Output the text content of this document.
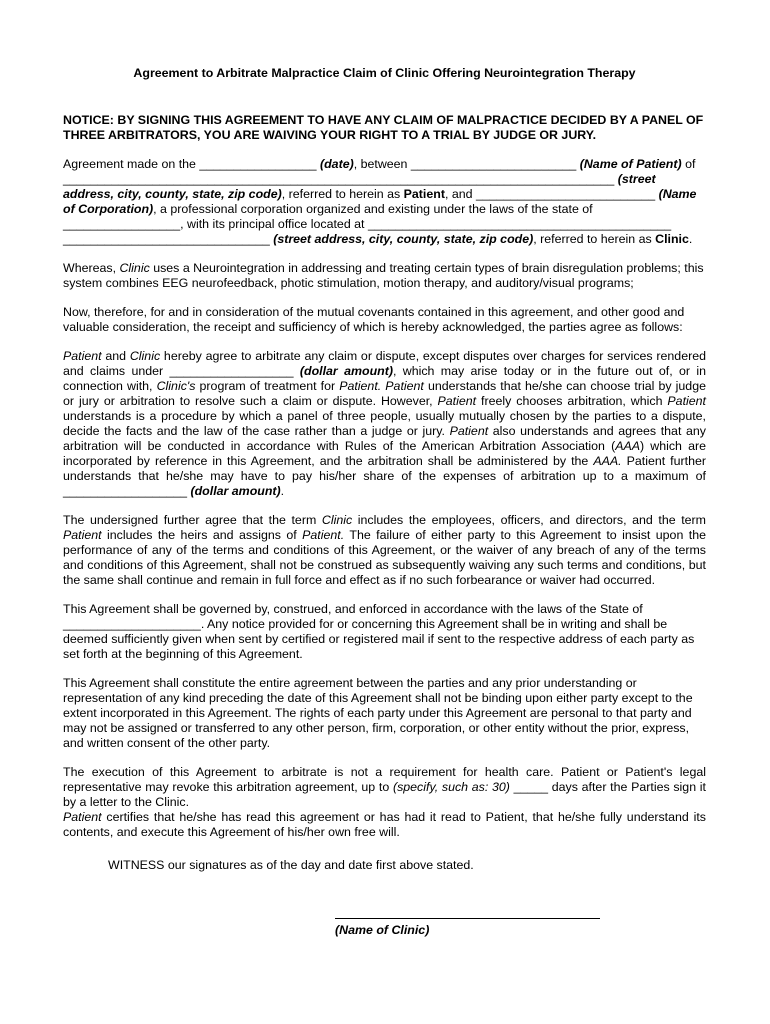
Agreement to Arbitrate Malpractice Claim of Clinic Offering Neurointegration Therapy
NOTICE: BY SIGNING THIS AGREEMENT TO HAVE ANY CLAIM OF MALPRACTICE DECIDED BY A PANEL OF THREE ARBITRATORS, YOU ARE WAIVING YOUR RIGHT TO A TRIAL BY JUDGE OR JURY.

Agreement made on the _________________ (date), between ________________________ (Name of Patient) of ________________________________________________________________________________ (street address, city, county, state, zip code), referred to herein as Patient, and __________________________ (Name of Corporation), a professional corporation organized and existing under the laws of the state of _________________, with its principal office located at ____________________________________________ ______________________________ (street address, city, county, state, zip code), referred to herein as Clinic.

Whereas, Clinic uses a Neurointegration in addressing and treating certain types of brain disregulation problems; this system combines EEG neurofeedback, photic stimulation, motion therapy, and auditory/visual programs;

Now, therefore, for and in consideration of the mutual covenants contained in this agreement, and other good and valuable consideration, the receipt and sufficiency of which is hereby acknowledged, the parties agree as follows:

Patient and Clinic hereby agree to arbitrate any claim or dispute, except disputes over charges for services rendered and claims under __________________ (dollar amount), which may arise today or in the future out of, or in connection with, Clinic's program of treatment for Patient. Patient understands that he/she can choose trial by judge or jury or arbitration to resolve such a claim or dispute. However, Patient freely chooses arbitration, which Patient understands is a procedure by which a panel of three people, usually mutually chosen by the parties to a dispute, decide the facts and the law of the case rather than a judge or jury. Patient also understands and agrees that any arbitration will be conducted in accordance with Rules of the American Arbitration Association (AAA) which are incorporated by reference in this Agreement, and the arbitration shall be administered by the AAA. Patient further understands that he/she may have to pay his/her share of the expenses of arbitration up to a maximum of __________________ (dollar amount).

The undersigned further agree that the term Clinic includes the employees, officers, and directors, and the term Patient includes the heirs and assigns of Patient. The failure of either party to this Agreement to insist upon the performance of any of the terms and conditions of this Agreement, or the waiver of any breach of any of the terms and conditions of this Agreement, shall not be construed as subsequently waiving any such terms and conditions, but the same shall continue and remain in full force and effect as if no such forbearance or waiver had occurred.

This Agreement shall be governed by, construed, and enforced in accordance with the laws of the State of ____________________. Any notice provided for or concerning this Agreement shall be in writing and shall be deemed sufficiently given when sent by certified or registered mail if sent to the respective address of each party as set forth at the beginning of this Agreement.

This Agreement shall constitute the entire agreement between the parties and any prior understanding or representation of any kind preceding the date of this Agreement shall not be binding upon either party except to the extent incorporated in this Agreement. The rights of each party under this Agreement are personal to that party and may not be assigned or transferred to any other person, firm, corporation, or other entity without the prior, express, and written consent of the other party.

The execution of this Agreement to arbitrate is not a requirement for health care. Patient or Patient's legal representative may revoke this arbitration agreement, up to (specify, such as: 30) _____ days after the Parties sign it by a letter to the Clinic.

Patient certifies that he/she has read this agreement or has had it read to Patient, that he/she fully understand its contents, and execute this Agreement of his/her own free will.

WITNESS our signatures as of the day and date first above stated.
(Name of Clinic)
